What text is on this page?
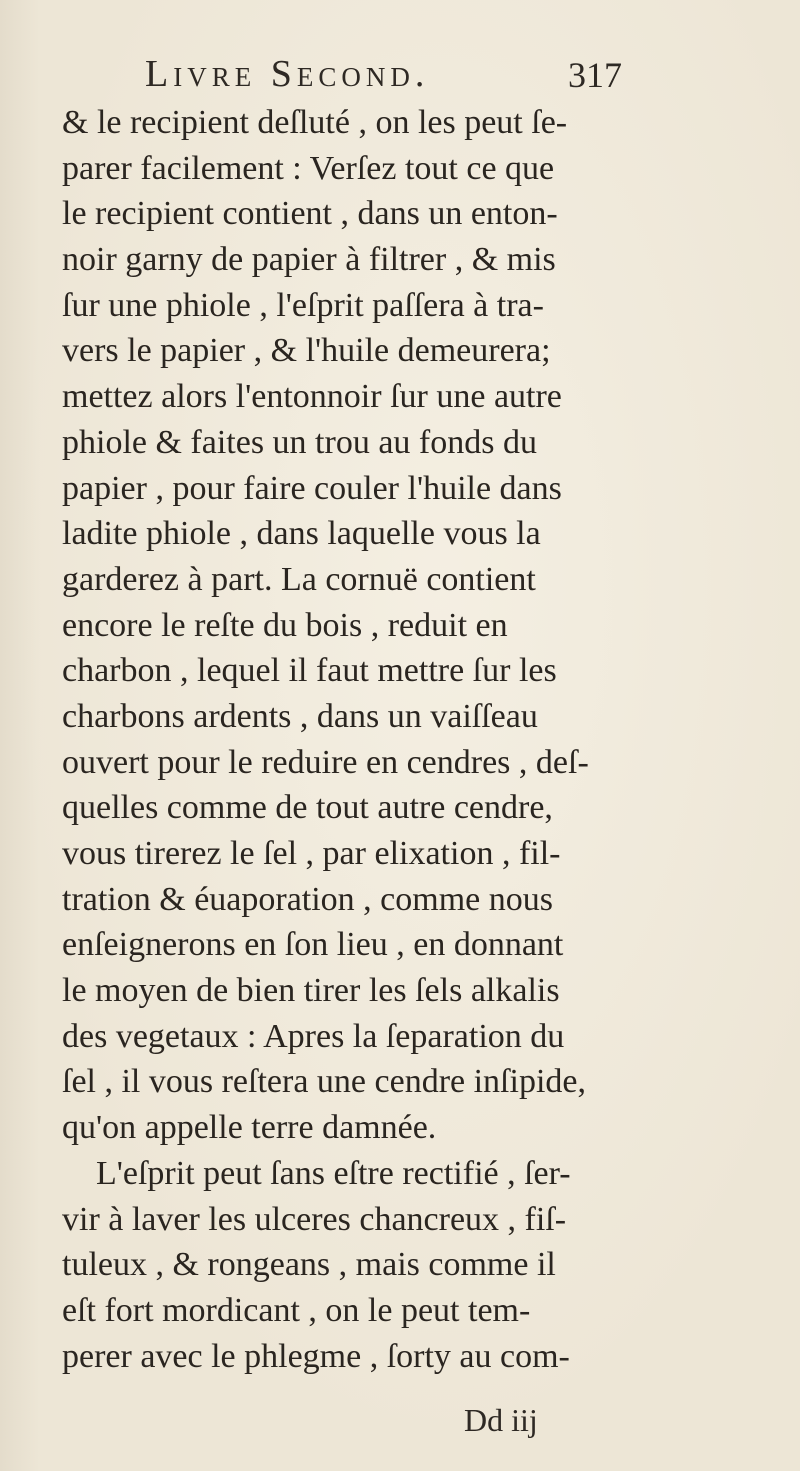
Livre Second.	317
& le recipient deſluté , on les peut ſe-
parer facilement : Verſez tout ce que
le recipient contient , dans un enton-
noir garny de papier à filtrer , & mis
ſur une phiole , l'eſprit paſſera à tra-
vers le papier , & l'huile demeurera;
mettez alors l'entonnoir ſur une autre
phiole & faites un trou au fonds du
papier , pour faire couler l'huile dans
ladite phiole , dans laquelle vous la
garderez à part. La cornuë contient
encore le reſte du bois , reduit en
charbon , lequel il faut mettre ſur les
charbons ardents , dans un vaiſſeau
ouvert pour le reduire en cendres , deſ-
quelles comme de tout autre cendre,
vous tirerez le ſel , par elixation , fil-
tration & éuaporation , comme nous
enſeignerons en ſon lieu , en donnant
le moyen de bien tirer les ſels alkalis
des vegetaux : Apres la ſeparation du
ſel , il vous reſtera une cendre inſipide,
qu'on appelle terre damnée.
L'eſprit peut ſans eſtre rectifié , ſer-
vir à laver les ulceres chancreux , fiſ-
tuleux , & rongeans , mais comme il
eſt fort mordicant , on le peut tem-
perer avec le phlegme , ſorty au com-
Dd iij
